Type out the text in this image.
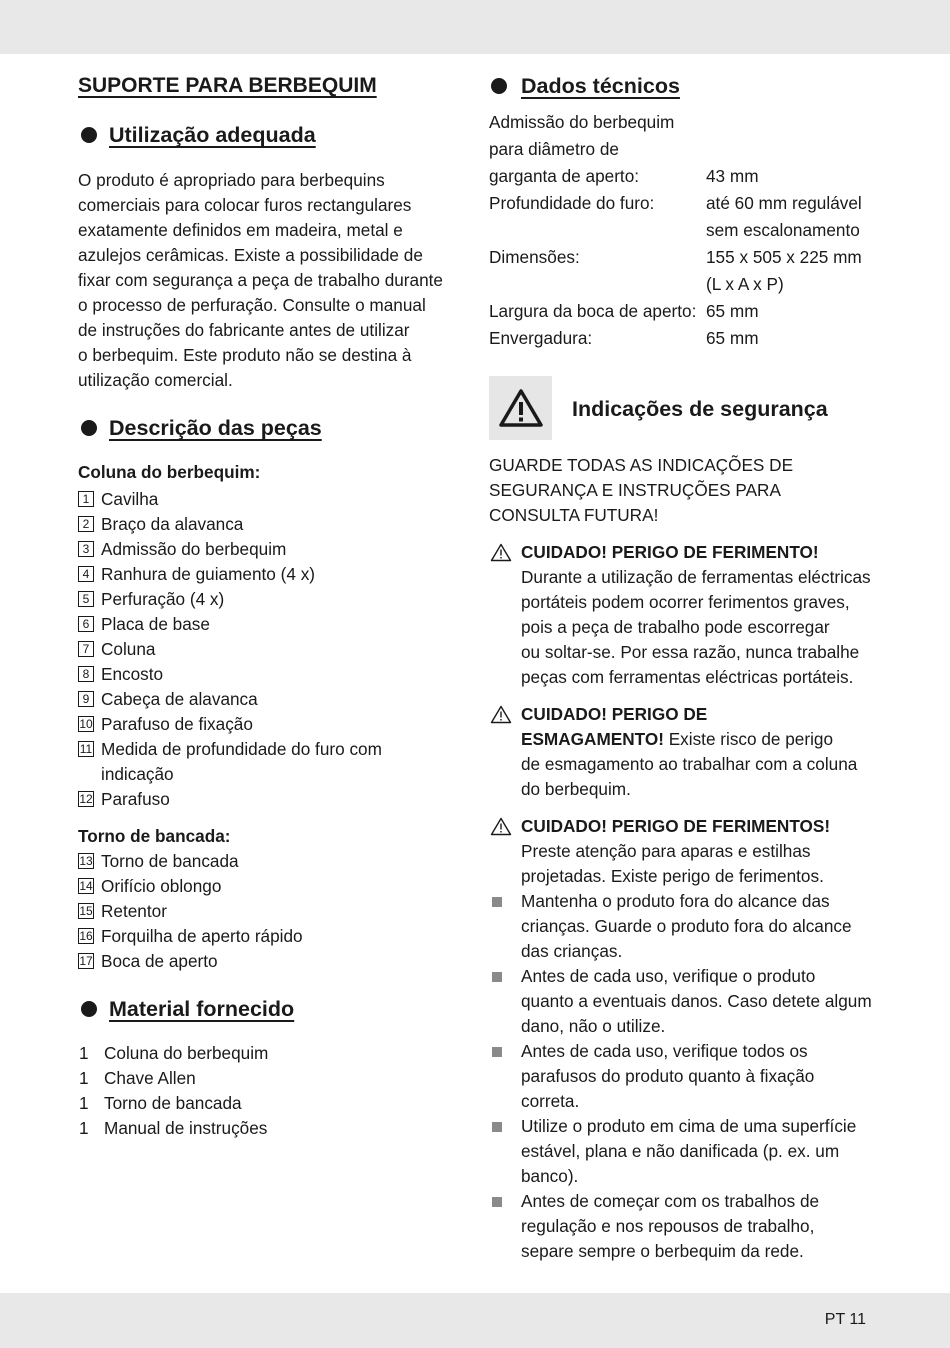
SUPORTE PARA BERBEQUIM
Utilização adequada

O produto é apropriado para berbequins

comerciais para colocar furos rectangulares

exatamente definidos em madeira, metal e

azulejos cerâmicas. Existe a possibilidade de

fixar com segurança a peça de trabalho durante

o processo de perfuração. Consulte o manual

de instruções do fabricante antes de utilizar

o berbequim. Este produto não se destina à

utilização comercial.

Descrição das peças

Coluna do berbequim:

1 Cavilha
2 Braço da alavanca
3 Admissão do berbequim
4 Ranhura de guiamento (4 x)
5 Perfuração (4 x)
6 Placa de base
7 Coluna
8 Encosto
9 Cabeça de alavanca
10 Parafuso de fixação
11 Medida de profundidade do furo com
indicação
12 Parafuso

Torno de bancada:

13 Torno de bancada
14 Orifício oblongo
15 Retentor
16 Forquilha de aperto rápido
17 Boca de aperto
Material fornecido
1 Coluna do berbequim
1 Chave Allen
1 Torno de bancada
1 Manual de instruções
Dados técnicos
Admissão do berbequim	
para diâmetro de	
garganta de aperto:	43 mm
Profundidade do furo:	até 60 mm regulável
	sem escalonamento
Dimensões:	155 x 505 x 225 mm
	(L x A x P)
Largura da boca de aperto:	65 mm
Envergadura:	65 mm
Indicações de segurança

GUARDE TODAS AS INDICAÇÕES DE

SEGURANÇA E INSTRUÇÕES PARA

CONSULTA FUTURA!

CUIDADO! PERIGO DE FERIMENTO!

Durante a utilização de ferramentas eléctricas

portáteis podem ocorrer ferimentos graves,

pois a peça de trabalho pode escorregar

ou soltar-se. Por essa razão, nunca trabalhe

peças com ferramentas eléctricas portáteis.

CUIDADO! PERIGO DE

ESMAGAMENTO! Existe risco de perigo

de esmagamento ao trabalhar com a coluna

do berbequim.

CUIDADO! PERIGO DE FERIMENTOS!

Preste atenção para aparas e estilhas

projetadas. Existe perigo de ferimentos.

Mantenha o produto fora do alcance das
crianças. Guarde o produto fora do alcance
das crianças.
Antes de cada uso, verifique o produto
quanto a eventuais danos. Caso detete algum
dano, não o utilize.
Antes de cada uso, verifique todos os
parafusos do produto quanto à fixação
correta.
Utilize o produto em cima de uma superfície
estável, plana e não danificada (p. ex. um
banco).
Antes de começar com os trabalhos de
regulação e nos repousos de trabalho,
separe sempre o berbequim da rede.
PT 11
